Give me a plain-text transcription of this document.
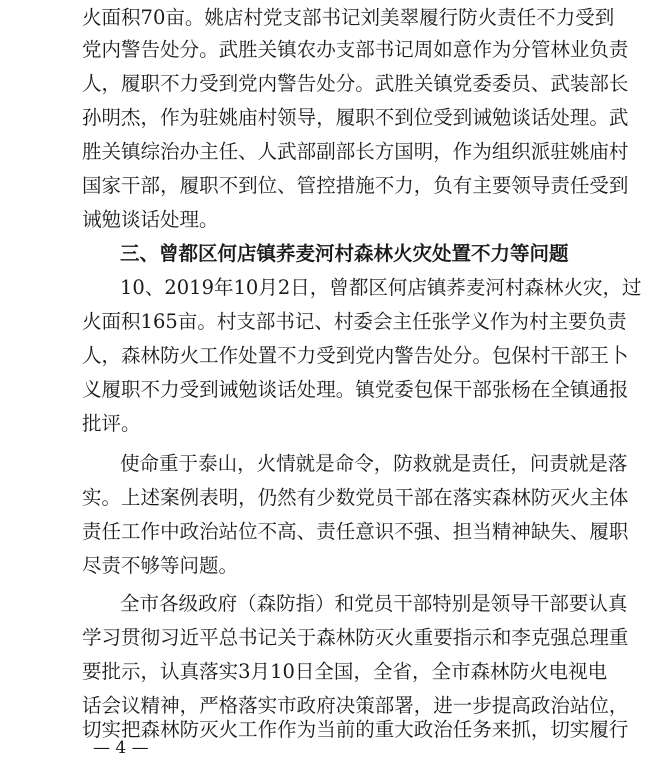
火 面 积 70 亩 。 姚 店 村 党 支 部 书 记 刘 美 翠 履 行 防 火 责 任 不 力 受 到
党 内 警 告 处 分 。 武 胜 关 镇 农 办 支 部 书 记 周 如 意 作 为 分 管 林 业 负 责
人 ， 履 职 不 力 受 到 党 内 警 告 处 分 。 武 胜 关 镇 党 委 委 员 、 武 装 部 长
孙 明 杰 ， 作 为 驻 姚 庙 村 领 导 ， 履 职 不 到 位 受 到 诫 勉 谈 话 处 理 。 武
胜 关 镇 综 治 办 主 任 、 人 武 部 副 部 长 方 国 明 ， 作 为 组 织 派 驻 姚 庙 村
国 家 干 部 ， 履 职 不 到 位 、 管 控 措 施 不 力 ， 负 有 主 要 领 导 责 任 受 到
诫勉谈话处理。
三、曾都区何店镇荞麦河村森林火灾处置不力等问题
10 、 2019 年 10 月 2 日 ， 曾 都 区 何 店 镇 荞 麦 河 村 森 林 火 灾 ， 过
火 面 积 165 亩 。 村 支 部 书 记 、 村 委 会 主 任 张 学 义 作 为 村 主 要 负 责
人 ， 森 林 防 火 工 作 处 置 不 力 受 到 党 内 警 告 处 分 。 包 保 村 干 部 王 卜
义 履 职 不 力 受 到 诫 勉 谈 话 处 理 。 镇 党 委 包 保 干 部 张 杨 在 全 镇 通 报
批评。
使 命 重 于 泰 山 ， 火 情 就 是 命 令 ， 防 救 就 是 责 任 ， 问 责 就 是 落
实 。 上 述 案 例 表 明 ， 仍 然 有 少 数 党 员 干 部 在 落 实 森 林 防 灭 火 主 体
责 任 工 作 中 政 治 站 位 不 高 、 责 任 意 识 不 强 、 担 当 精 神 缺 失 、 履 职
尽责不够等问题。
全 市 各 级 政 府 （ 森 防 指 ） 和 党 员 干 部 特 别 是 领 导 干 部 要 认 真
学 习 贯 彻 习 近 平 总 书 记 关 于 森 林 防 灭 火 重 要 指 示 和 李 克 强 总 理 重
要 批 示 ， 认 真 落 实 3 月 10 日 全 国 ， 全 省 ， 全 市 森 林 防 火 电 视 电
话 会 议 精 神 ， 严 格 落 实 市 政 府 决 策 部 署 ， 进 一 步 提 高 政 治 站 位 ，
切 实 把 森 林 防 灭 火 工 作 作 为 当 前 的 重 大 政 治 任 务 来 抓 ， 切 实 履 行
— 4 —
